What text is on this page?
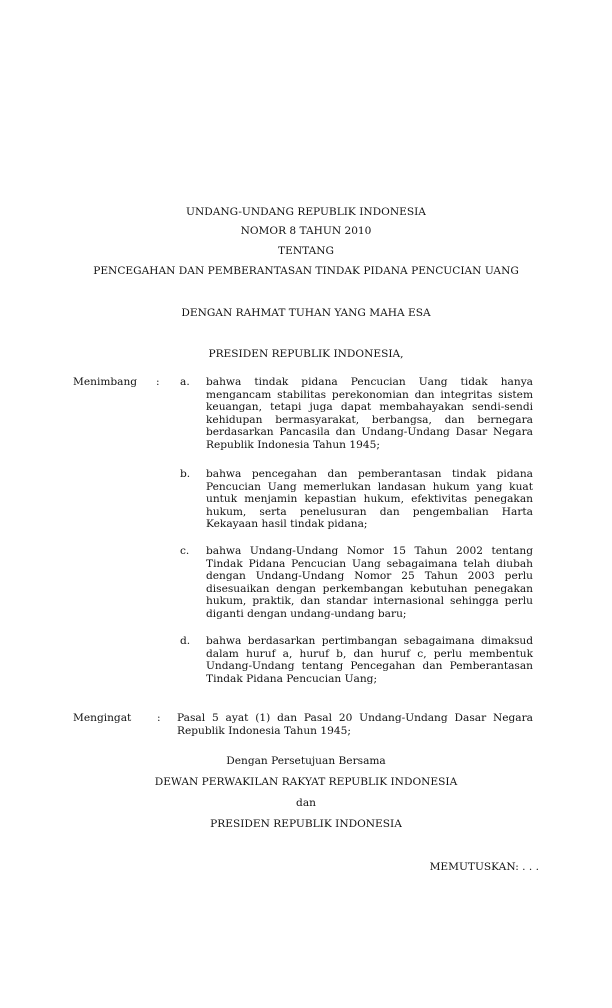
UNDANG-UNDANG REPUBLIK INDONESIA
NOMOR 8 TAHUN 2010
TENTANG
PENCEGAHAN DAN PEMBERANTASAN TINDAK PIDANA PENCUCIAN UANG
DENGAN RAHMAT TUHAN YANG MAHA ESA
PRESIDEN REPUBLIK INDONESIA,
Menimbang : a. bahwa tindak pidana Pencucian Uang tidak hanya mengancam stabilitas perekonomian dan integritas sistem keuangan, tetapi juga dapat membahayakan sendi-sendi kehidupan bermasyarakat, berbangsa, dan bernegara berdasarkan Pancasila dan Undang-Undang Dasar Negara Republik Indonesia Tahun 1945;
b. bahwa pencegahan dan pemberantasan tindak pidana Pencucian Uang memerlukan landasan hukum yang kuat untuk menjamin kepastian hukum, efektivitas penegakan hukum, serta penelusuran dan pengembalian Harta Kekayaan hasil tindak pidana;
c. bahwa Undang-Undang Nomor 15 Tahun 2002 tentang Tindak Pidana Pencucian Uang sebagaimana telah diubah dengan Undang-Undang Nomor 25 Tahun 2003 perlu disesuaikan dengan perkembangan kebutuhan penegakan hukum, praktik, dan standar internasional sehingga perlu diganti dengan undang-undang baru;
d. bahwa berdasarkan pertimbangan sebagaimana dimaksud dalam huruf a, huruf b, dan huruf c, perlu membentuk Undang-Undang tentang Pencegahan dan Pemberantasan Tindak Pidana Pencucian Uang;
Mengingat : Pasal 5 ayat (1) dan Pasal 20 Undang-Undang Dasar Negara Republik Indonesia Tahun 1945;
Dengan Persetujuan Bersama
DEWAN PERWAKILAN RAKYAT REPUBLIK INDONESIA
dan
PRESIDEN REPUBLIK INDONESIA
MEMUTUSKAN: . . .
